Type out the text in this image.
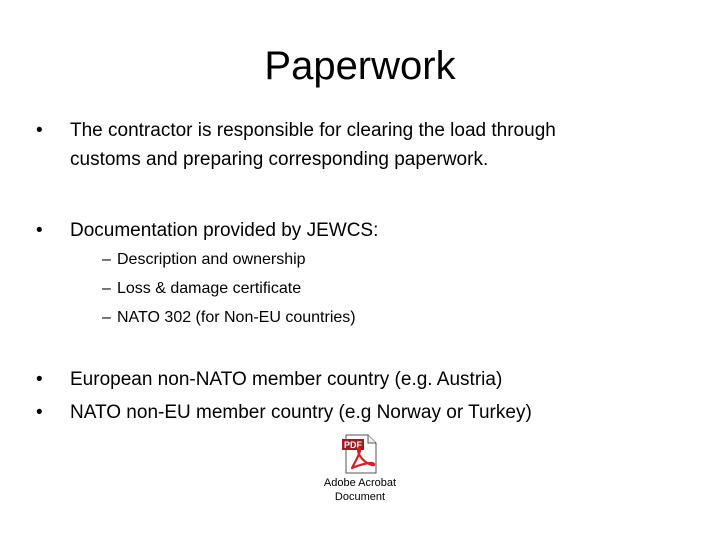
Paperwork
• The contractor is responsible for clearing the load through
customs and preparing corresponding paperwork.
• Documentation provided by JEWCS:
– Description and ownership
– Loss & damage certificate
– NATO 302 (for Non-EU countries)
• European non-NATO member country (e.g. Austria)
• NATO non-EU member country (e.g Norway or Turkey)
PDF
Adobe Acrobat
Document
